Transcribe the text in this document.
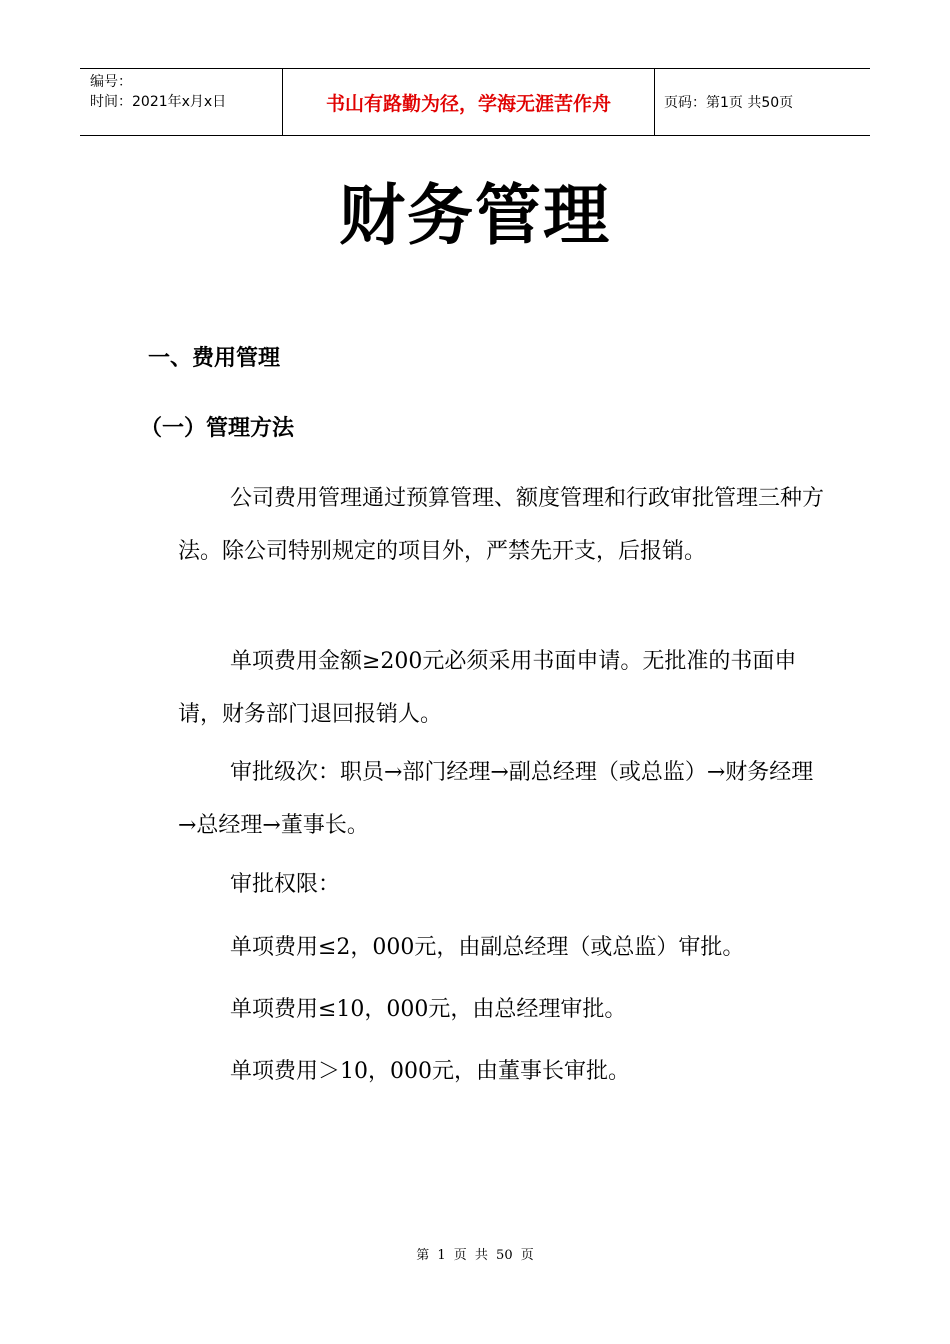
编号：
时间：2021年x月x日	书山有路勤为径，学海无涯苦作舟	页码：第1页 共50页
财务管理
一、费用管理
（一）管理方法

公司费用管理通过预算管理、额度管理和行政审批管理三种方法。除公司特别规定的项目外，严禁先开支，后报销。

单项费用金额≥200元必须采用书面申请。无批准的书面申请，财务部门退回报销人。

审批级次：职员→部门经理→副总经理（或总监）→财务经理→总经理→董事长。

审批权限：

单项费用≤2，000元，由副总经理（或总监）审批。

单项费用≤10，000元，由总经理审批。

单项费用＞10，000元，由董事长审批。

第 1 页 共 50 页
